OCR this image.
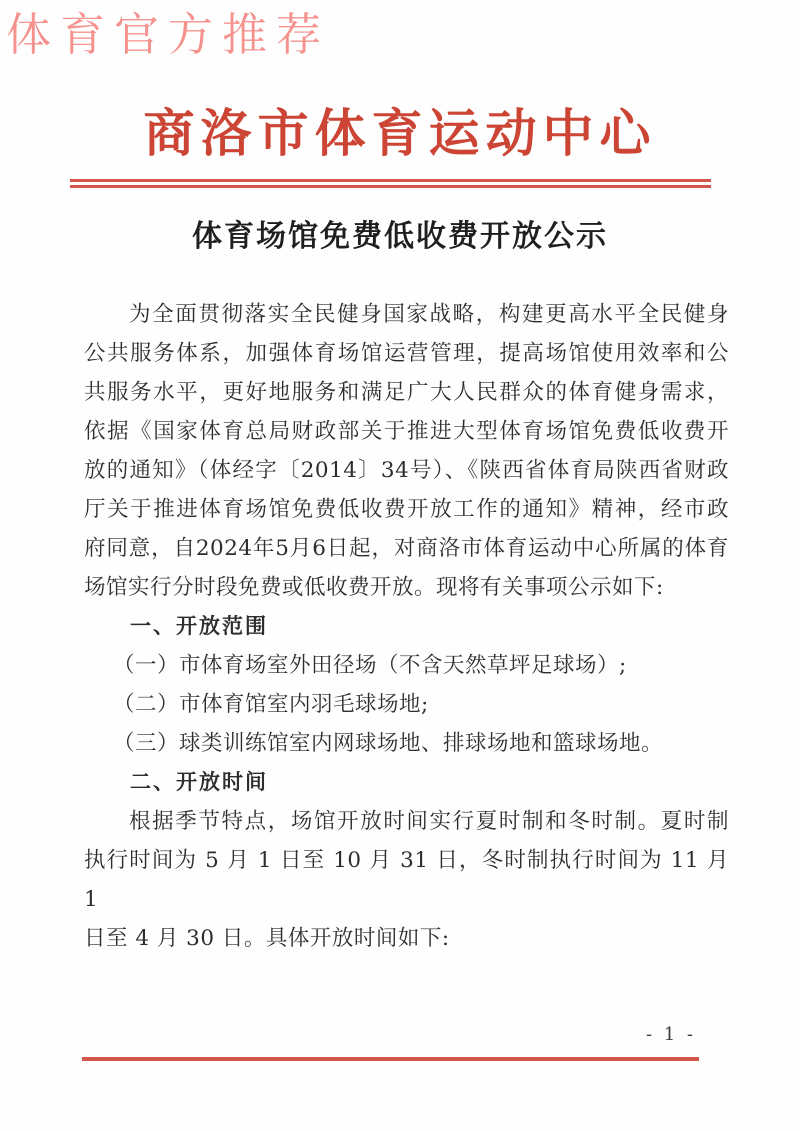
体育官方推荐
商洛市体育运动中心
体育场馆免费低收费开放公示
为全面贯彻落实全民健身国家战略，构建更高水平全民健身
公共服务体系，加强体育场馆运营管理，提高场馆使用效率和公
共服务水平，更好地服务和满足广大人民群众的体育健身需求，
依据《国家体育总局财政部关于推进大型体育场馆免费低收费开
放的通知》（体经字〔2014〕34号）、《陕西省体育局陕西省财政
厅关于推进体育场馆免费低收费开放工作的通知》精神，经市政
府同意，自2024年5月6日起，对商洛市体育运动中心所属的体育
场馆实行分时段免费或低收费开放。现将有关事项公示如下:
一、开放范围
（一）市体育场室外田径场（不含天然草坪足球场）;
（二）市体育馆室内羽毛球场地;
（三）球类训练馆室内网球场地、排球场地和篮球场地。
二、开放时间
根据季节特点，场馆开放时间实行夏时制和冬时制。夏时制
执行时间为 5 月 1 日至 10 月 31 日，冬时制执行时间为 11 月 1
日至 4 月 30 日。具体开放时间如下:
- 1 -
